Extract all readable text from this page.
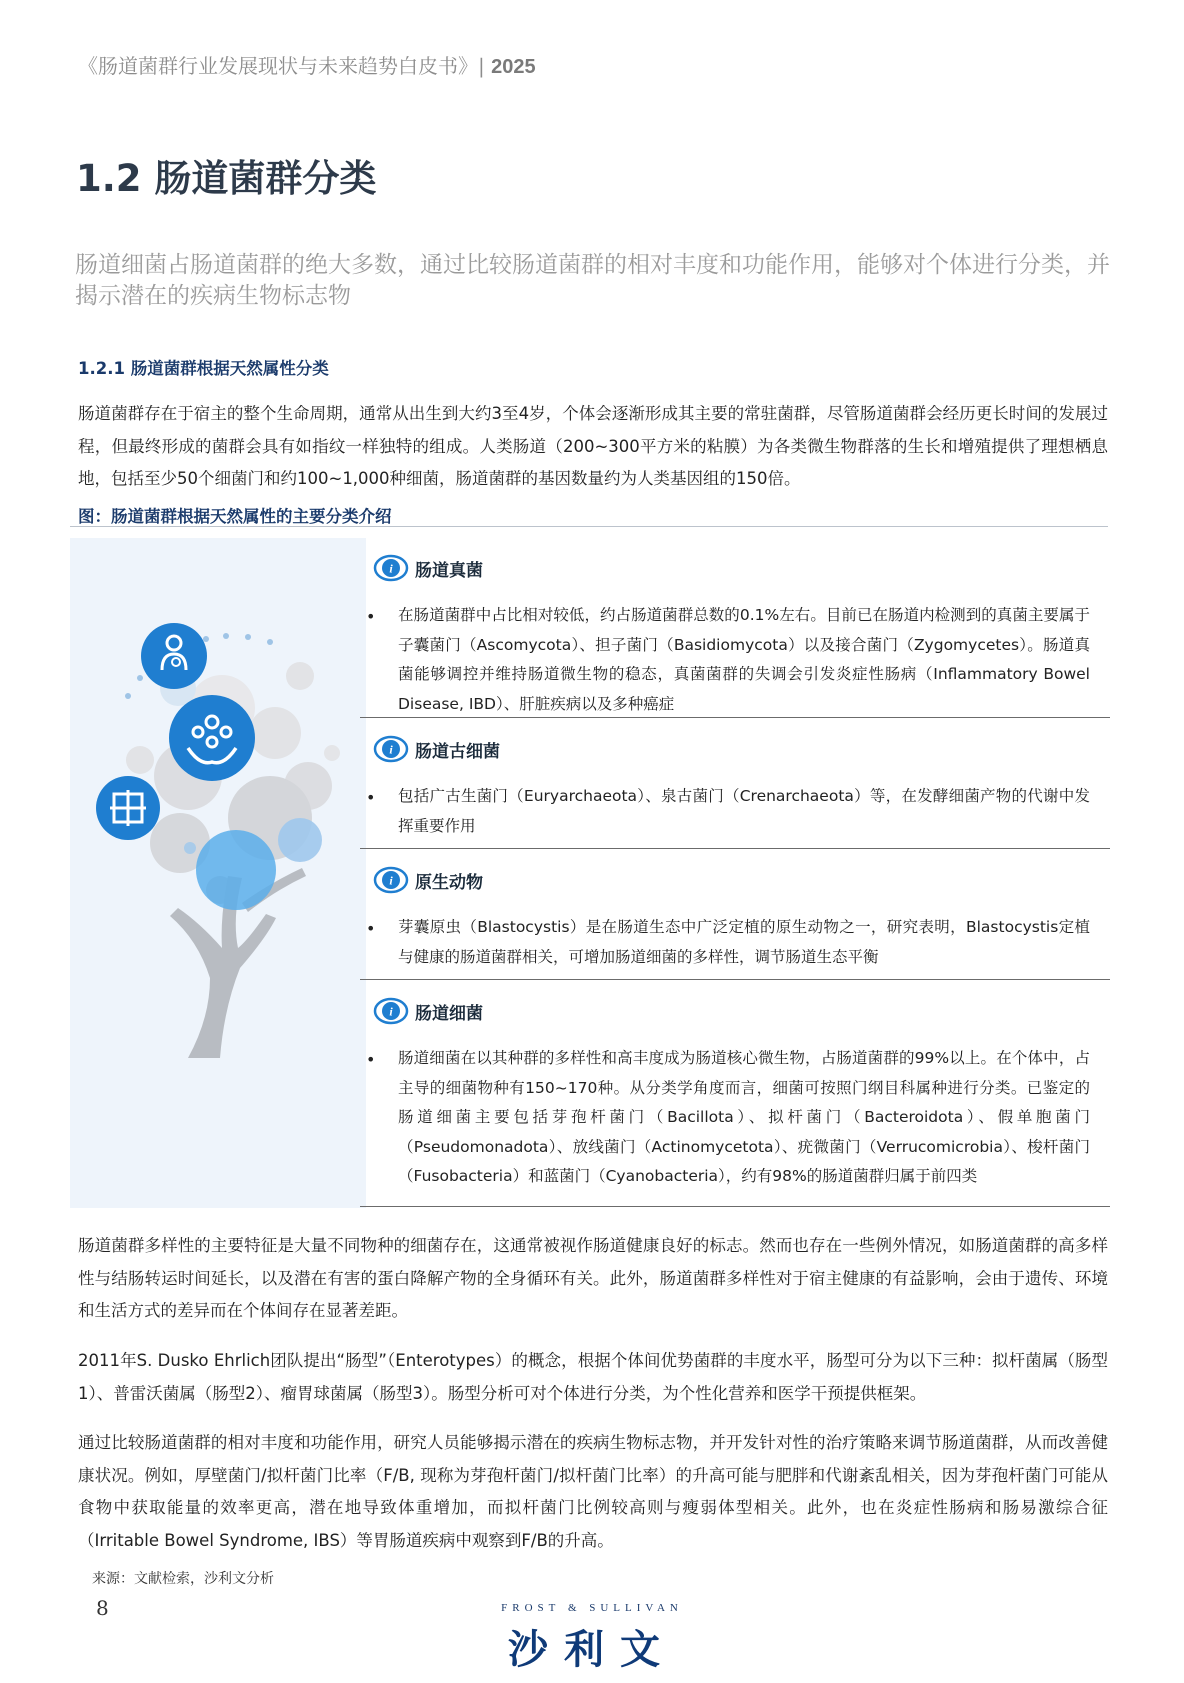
《肠道菌群行业发展现状与未来趋势白皮书》| 2025
1.2 肠道菌群分类
肠道细菌占肠道菌群的绝大多数，通过比较肠道菌群的相对丰度和功能作用，能够对个体进行分类，并揭示潜在的疾病生物标志物
1.2.1 肠道菌群根据天然属性分类
肠道菌群存在于宿主的整个生命周期，通常从出生到大约3至4岁，个体会逐渐形成其主要的常驻菌群，尽管肠道菌群会经历更长时间的发展过程，但最终形成的菌群会具有如指纹一样独特的组成。人类肠道（200~300平方米的粘膜）为各类微生物群落的生长和增殖提供了理想栖息地，包括至少50个细菌门和约100~1,000种细菌，肠道菌群的基因数量约为人类基因组的150倍。
图：肠道菌群根据天然属性的主要分类介绍
i 肠道真菌
• 在肠道菌群中占比相对较低，约占肠道菌群总数的0.1%左右。目前已在肠道内检测到的真菌主要属于子囊菌门（Ascomycota）、担子菌门（Basidiomycota）以及接合菌门（Zygomycetes）。肠道真菌能够调控并维持肠道微生物的稳态，真菌菌群的失调会引发炎症性肠病（Inflammatory Bowel Disease, IBD）、肝脏疾病以及多种癌症
i 肠道古细菌
• 包括广古生菌门（Euryarchaeota）、泉古菌门（Crenarchaeota）等，在发酵细菌产物的代谢中发挥重要作用
i 原生动物
• 芽囊原虫（Blastocystis）是在肠道生态中广泛定植的原生动物之一，研究表明，Blastocystis定植与健康的肠道菌群相关，可增加肠道细菌的多样性，调节肠道生态平衡
i 肠道细菌
• 肠道细菌在以其种群的多样性和高丰度成为肠道核心微生物，占肠道菌群的99%以上。在个体中，占主导的细菌物种有150~170种。从分类学角度而言，细菌可按照门纲目科属种进行分类。已鉴定的肠道细菌主要包括芽孢杆菌门（Bacillota）、拟杆菌门（Bacteroidota）、假单胞菌门（Pseudomonadota）、放线菌门（Actinomycetota）、疣微菌门（Verrucomicrobia）、梭杆菌门（Fusobacteria）和蓝菌门（Cyanobacteria），约有98%的肠道菌群归属于前四类
肠道菌群多样性的主要特征是大量不同物种的细菌存在，这通常被视作肠道健康良好的标志。然而也存在一些例外情况，如肠道菌群的高多样性与结肠转运时间延长，以及潜在有害的蛋白降解产物的全身循环有关。此外，肠道菌群多样性对于宿主健康的有益影响，会由于遗传、环境和生活方式的差异而在个体间存在显著差距。
2011年S. Dusko Ehrlich团队提出“肠型”（Enterotypes）的概念，根据个体间优势菌群的丰度水平，肠型可分为以下三种：拟杆菌属（肠型1）、普雷沃菌属（肠型2）、瘤胃球菌属（肠型3）。肠型分析可对个体进行分类，为个性化营养和医学干预提供框架。
通过比较肠道菌群的相对丰度和功能作用，研究人员能够揭示潜在的疾病生物标志物，并开发针对性的治疗策略来调节肠道菌群，从而改善健康状况。例如，厚壁菌门/拟杆菌门比率（F/B, 现称为芽孢杆菌门/拟杆菌门比率）的升高可能与肥胖和代谢紊乱相关，因为芽孢杆菌门可能从食物中获取能量的效率更高，潜在地导致体重增加，而拟杆菌门比例较高则与瘦弱体型相关。此外，也在炎症性肠病和肠易激综合征（Irritable Bowel Syndrome, IBS）等胃肠道疾病中观察到F/B的升高。
来源：文献检索，沙利文分析
8	FROST & SULLIVAN
沙利文
